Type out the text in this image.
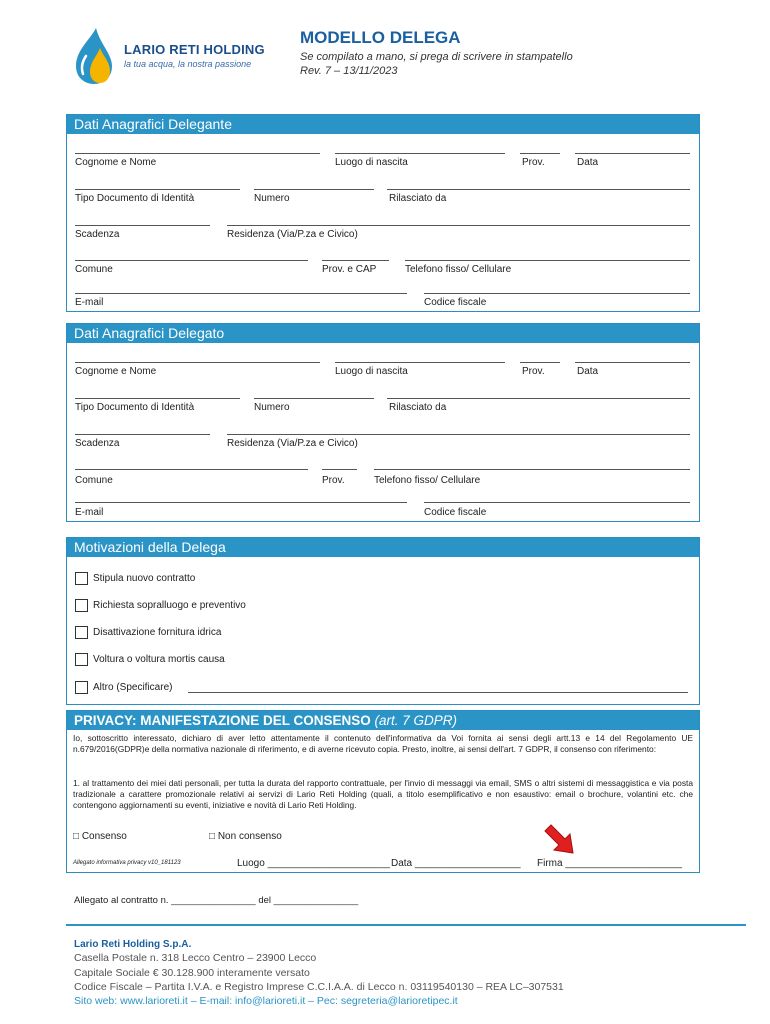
LARIO RETI HOLDING
la tua acqua, la nostra passione
MODELLO DELEGA
Se compilato a mano, si prega di scrivere in stampatello
Rev. 7 – 13/11/2023
Dati Anagrafici Delegante
Cognome e Nome	Luogo di nascita	Prov.	Data
Tipo Documento di Identità	Numero	Rilasciato da
Scadenza	Residenza (Via/P.za e Civico)
Comune	Prov. e CAP	Telefono fisso/ Cellulare
E-mail	Codice fiscale
Dati Anagrafici Delegato
Cognome e Nome	Luogo di nascita	Prov.	Data
Tipo Documento di Identità	Numero	Rilasciato da
Scadenza	Residenza (Via/P.za e Civico)
Comune	Prov.	Telefono fisso/ Cellulare
E-mail	Codice fiscale
Motivazioni della Delega
Stipula nuovo contratto
Richiesta sopralluogo e preventivo
Disattivazione fornitura idrica
Voltura o voltura mortis causa
Altro (Specificare)
PRIVACY: MANIFESTAZIONE DEL CONSENSO (art. 7 GDPR)
Io, sottoscritto interessato, dichiaro di aver letto attentamente il contenuto dell'informativa da Voi fornita ai sensi degli artt.13 e 14 del Regolamento UE n.679/2016(GDPR)e della normativa nazionale di riferimento, e di averne ricevuto copia. Presto, inoltre, ai sensi dell'art. 7 GDPR, il consenso con riferimento:
1. al trattamento dei miei dati personali, per tutta la durata del rapporto contrattuale, per l'invio di messaggi via email, SMS o altri sistemi di messaggistica e via posta tradizionale a carattere promozionale relativi ai servizi di Lario Reti Holding (quali, a titolo esemplificativo e non esaustivo: email o brochure, volantini etc. che contengono aggiornamenti su eventi, iniziative e novità di Lario Reti Holding.
□ Consenso	□ Non consenso
Allegato informativa privacy v10_181123	Luogo ______________________ Data ___________________ Firma _____________________
Allegato al contratto n. ________________ del ________________
Lario Reti Holding S.p.A.
Casella Postale n. 318 Lecco Centro – 23900 Lecco
Capitale Sociale € 30.128.900 interamente versato
Codice Fiscale – Partita I.V.A. e Registro Imprese C.C.I.A.A. di Lecco n. 03119540130 – REA LC–307531
Sito web: www.larioreti.it – E-mail: info@larioreti.it – Pec: segreteria@larioretipec.it
